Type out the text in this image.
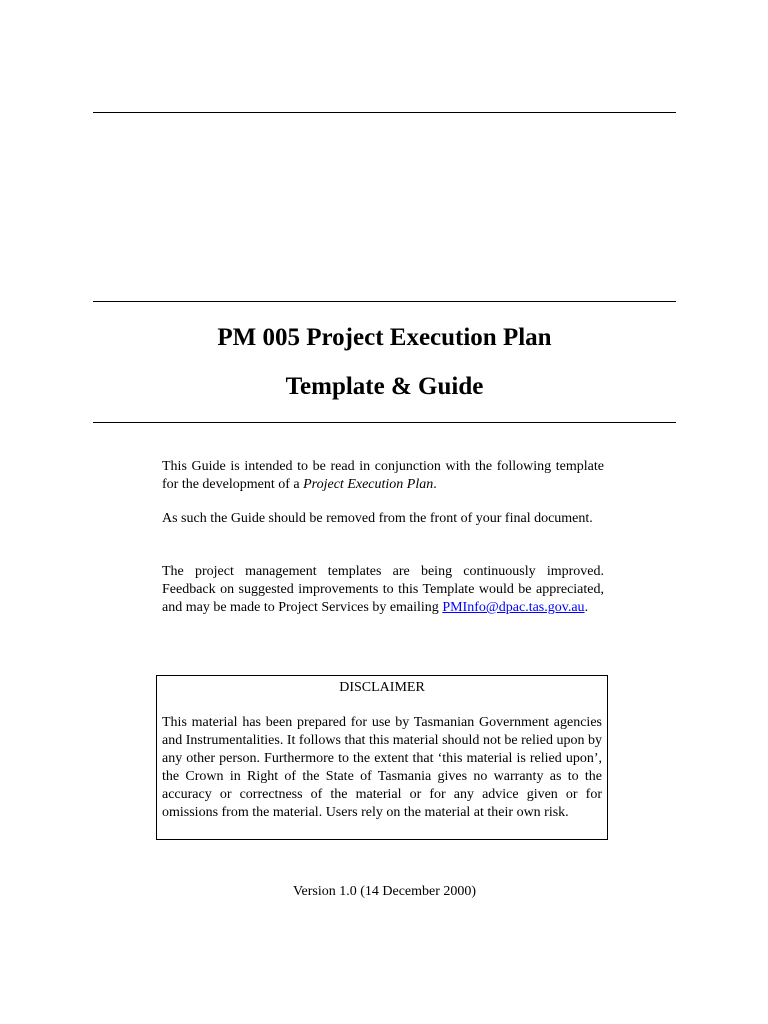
PM 005 Project Execution Plan
Template & Guide

This Guide is intended to be read in conjunction with the following template for the development of a Project Execution Plan.

As such the Guide should be removed from the front of your final document.

The project management templates are being continuously improved. Feedback on suggested improvements to this Template would be appreciated, and may be made to Project Services by emailing PMInfo@dpac.tas.gov.au.

DISCLAIMER

This material has been prepared for use by Tasmanian Government agencies and Instrumentalities. It follows that this material should not be relied upon by any other person. Furthermore to the extent that ‘this material is relied upon’, the Crown in Right of the State of Tasmania gives no warranty as to the accuracy or correctness of the material or for any advice given or for omissions from the material. Users rely on the material at their own risk.

Version 1.0 (14 December 2000)
